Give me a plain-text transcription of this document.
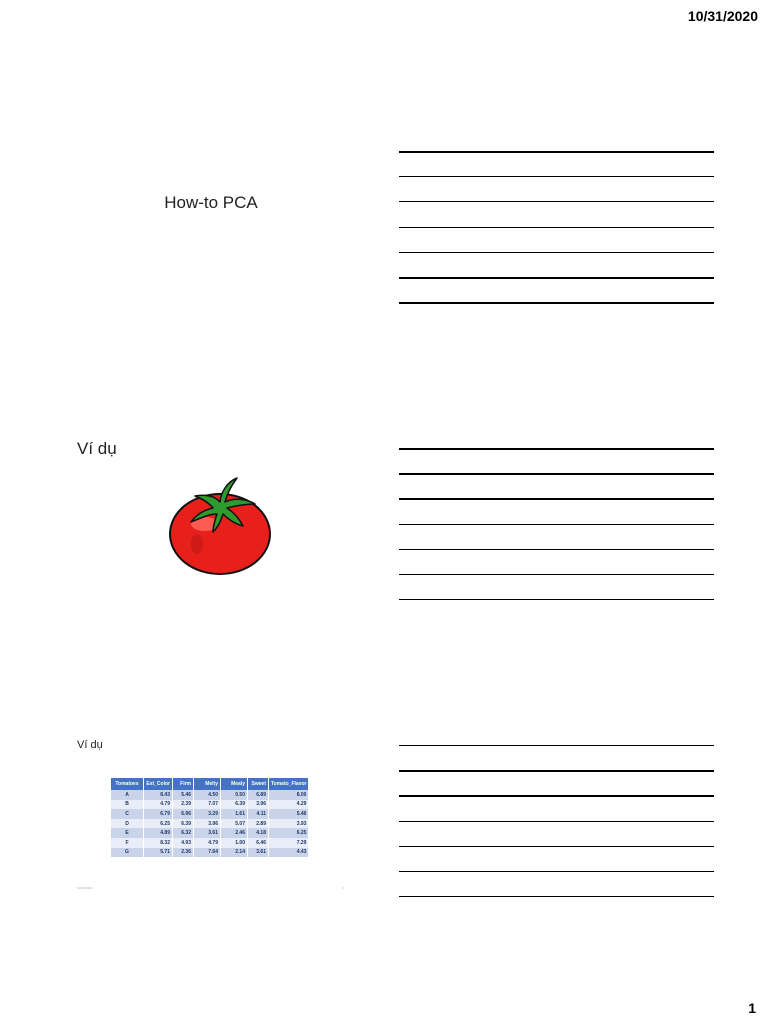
10/31/2020
How-to PCA
Ví dụ
Ví dụ
Tomatoes	Ext_Color	Firm	Melty	Mealy	Sweet	Tomato_Flavor
A	8.43	5.46	4.50	0.50	6.89	8.00
B	4.79	2.39	7.07	6.39	3.96	4.29
C	6.79	6.96	3.29	1.61	4.11	5.46
D	6.25	6.39	3.96	5.07	2.89	3.93
E	4.89	6.32	3.61	2.46	4.18	6.25
F	8.32	4.93	4.79	1.00	6.46	7.29
G	5.71	2.36	7.64	2.14	3.61	4.43
10/31/2020	3
1
